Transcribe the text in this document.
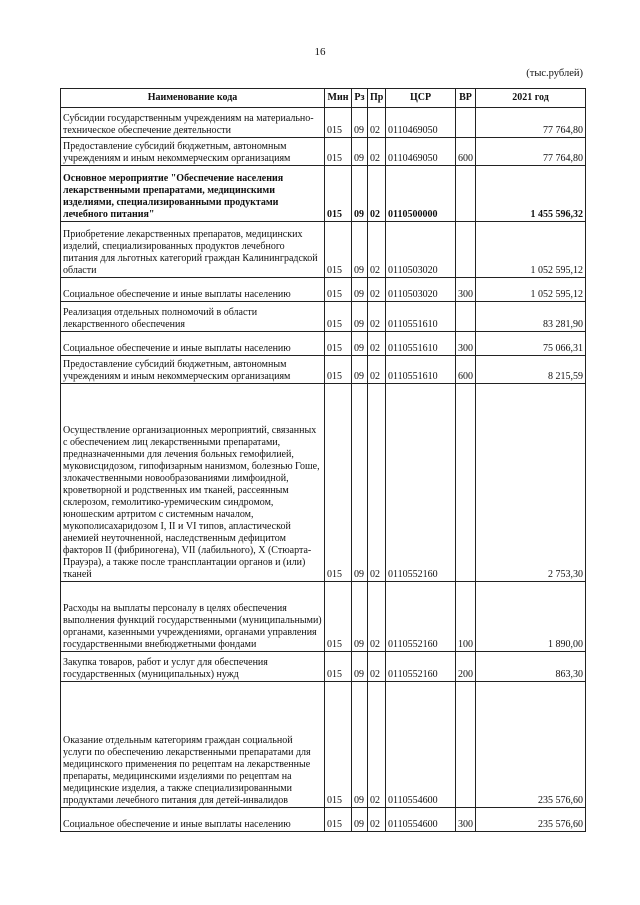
16
(тыс.рублей)
Наименование кода	Мин	Рз	Пр	ЦСР	ВР	2021 год
Субсидии государственным учреждениям на материально-техническое обеспечение деятельности	015	09	02	0110469050		77 764,80
Предоставление субсидий бюджетным, автономным учреждениям и иным некоммерческим организациям	015	09	02	0110469050	600	77 764,80
Основное мероприятие "Обеспечение населения лекарственными препаратами, медицинскими изделиями, специализированными продуктами лечебного питания"	015	09	02	0110500000		1 455 596,32
Приобретение лекарственных препаратов, медицинских изделий, специализированных продуктов лечебного питания для льготных категорий граждан Калининградской области	015	09	02	0110503020		1 052 595,12
Социальное обеспечение и иные выплаты населению	015	09	02	0110503020	300	1 052 595,12
Реализация отдельных полномочий в области лекарственного обеспечения	015	09	02	0110551610		83 281,90
Социальное обеспечение и иные выплаты населению	015	09	02	0110551610	300	75 066,31
Предоставление субсидий бюджетным, автономным учреждениям и иным некоммерческим организациям	015	09	02	0110551610	600	8 215,59
Осуществление организационных мероприятий, связанных с обеспечением лиц лекарственными препаратами, предназначенными для лечения больных гемофилией, муковисцидозом, гипофизарным нанизмом, болезнью Гоше, злокачественными новообразованиями лимфоидной, кроветворной и родственных им тканей, рассеянным склерозом, гемолитико-уремическим синдромом, юношеским артритом с системным началом, мукополисахаридозом I, II и VI типов, апластической анемией неуточненной, наследственным дефицитом факторов II (фибриногена), VII (лабильного), X (Стюарта-Прауэра), а также после трансплантации органов и (или) тканей	015	09	02	0110552160		2 753,30
Расходы на выплаты персоналу в целях обеспечения выполнения функций государственными (муниципальными) органами, казенными учреждениями, органами управления государственными внебюджетными фондами	015	09	02	0110552160	100	1 890,00
Закупка товаров, работ и услуг для обеспечения государственных (муниципальных) нужд	015	09	02	0110552160	200	863,30
Оказание отдельным категориям граждан социальной услуги по обеспечению лекарственными препаратами для медицинского применения по рецептам на лекарственные препараты, медицинскими изделиями по рецептам на медицинские изделия, а также специализированными продуктами лечебного питания для детей-инвалидов	015	09	02	0110554600		235 576,60
Социальное обеспечение и иные выплаты населению	015	09	02	0110554600	300	235 576,60
